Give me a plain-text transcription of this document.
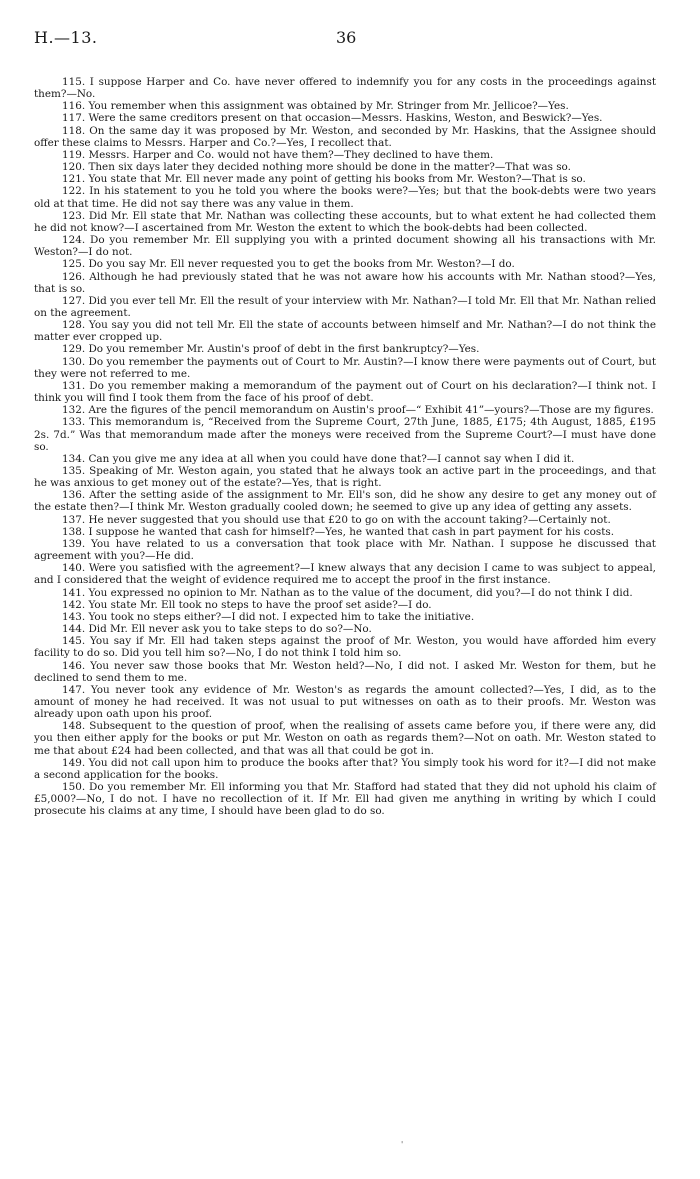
H.—13.	36

115. I suppose Harper and Co. have never offered to indemnify you for any costs in the proceedings against them?—No.

116. You remember when this assignment was obtained by Mr. Stringer from Mr. Jellicoe?—Yes.

117. Were the same creditors present on that occasion—Messrs. Haskins, Weston, and Beswick?—Yes.

118. On the same day it was proposed by Mr. Weston, and seconded by Mr. Haskins, that the Assignee should offer these claims to Messrs. Harper and Co.?—Yes, I recollect that.

119. Messrs. Harper and Co. would not have them?—They declined to have them.

120. Then six days later they decided nothing more should be done in the matter?—That was so.

121. You state that Mr. Ell never made any point of getting his books from Mr. Weston?—That is so.

122. In his statement to you he told you where the books were?—Yes; but that the book-debts were two years old at that time. He did not say there was any value in them.

123. Did Mr. Ell state that Mr. Nathan was collecting these accounts, but to what extent he had collected them he did not know?—I ascertained from Mr. Weston the extent to which the book-debts had been collected.

124. Do you remember Mr. Ell supplying you with a printed document showing all his transactions with Mr. Weston?—I do not.

125. Do you say Mr. Ell never requested you to get the books from Mr. Weston?—I do.

126. Although he had previously stated that he was not aware how his accounts with Mr. Nathan stood?—Yes, that is so.

127. Did you ever tell Mr. Ell the result of your interview with Mr. Nathan?—I told Mr. Ell that Mr. Nathan relied on the agreement.

128. You say you did not tell Mr. Ell the state of accounts between himself and Mr. Nathan?—I do not think the matter ever cropped up.

129. Do you remember Mr. Austin's proof of debt in the first bankruptcy?—Yes.

130. Do you remember the payments out of Court to Mr. Austin?—I know there were payments out of Court, but they were not referred to me.

131. Do you remember making a memorandum of the payment out of Court on his declaration?—I think not. I think you will find I took them from the face of his proof of debt.

132. Are the figures of the pencil memorandum on Austin's proof—“ Exhibit 41”—yours?—Those are my figures.

133. This memorandum is, “Received from the Supreme Court, 27th June, 1885, £175; 4th August, 1885, £195 2s. 7d.” Was that memorandum made after the moneys were received from the Supreme Court?—I must have done so.

134. Can you give me any idea at all when you could have done that?—I cannot say when I did it.

135. Speaking of Mr. Weston again, you stated that he always took an active part in the proceedings, and that he was anxious to get money out of the estate?—Yes, that is right.

136. After the setting aside of the assignment to Mr. Ell's son, did he show any desire to get any money out of the estate then?—I think Mr. Weston gradually cooled down; he seemed to give up any idea of getting any assets.

137. He never suggested that you should use that £20 to go on with the account taking?—Certainly not.

138. I suppose he wanted that cash for himself?—Yes, he wanted that cash in part payment for his costs.

139. You have related to us a conversation that took place with Mr. Nathan. I suppose he discussed that agreement with you?—He did.

140. Were you satisfied with the agreement?—I knew always that any decision I came to was subject to appeal, and I considered that the weight of evidence required me to accept the proof in the first instance.

141. You expressed no opinion to Mr. Nathan as to the value of the document, did you?—I do not think I did.

142. You state Mr. Ell took no steps to have the proof set aside?—I do.

143. You took no steps either?—I did not. I expected him to take the initiative.

144. Did Mr. Ell never ask you to take steps to do so?—No.

145. You say if Mr. Ell had taken steps against the proof of Mr. Weston, you would have afforded him every facility to do so. Did you tell him so?—No, I do not think I told him so.

146. You never saw those books that Mr. Weston held?—No, I did not. I asked Mr. Weston for them, but he declined to send them to me.

147. You never took any evidence of Mr. Weston's as regards the amount collected?—Yes, I did, as to the amount of money he had received. It was not usual to put witnesses on oath as to their proofs. Mr. Weston was already upon oath upon his proof.

148. Subsequent to the question of proof, when the realising of assets came before you, if there were any, did you then either apply for the books or put Mr. Weston on oath as regards them?—Not on oath. Mr. Weston stated to me that about £24 had been collected, and that was all that could be got in.

149. You did not call upon him to produce the books after that? You simply took his word for it?—I did not make a second application for the books.

150. Do you remember Mr. Ell informing you that Mr. Stafford had stated that they did not uphold his claim of £5,000?—No, I do not. I have no recollection of it. If Mr. Ell had given me anything in writing by which I could prosecute his claims at any time, I should have been glad to do so.

'
